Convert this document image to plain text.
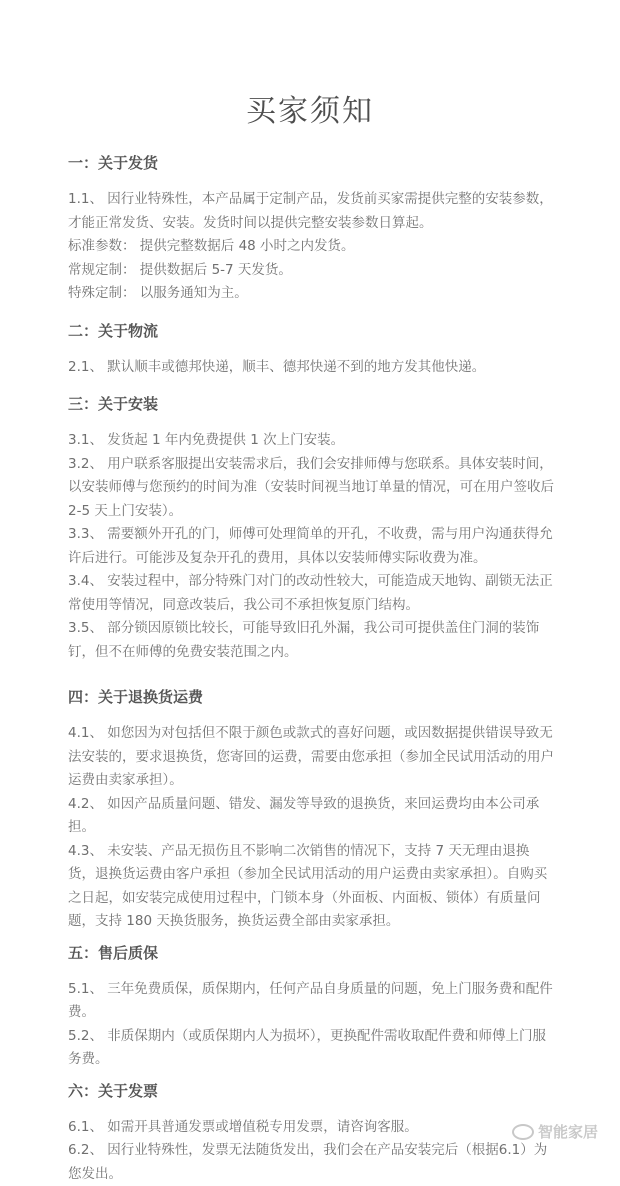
买家须知
一：关于发货

1.1、 因行业特殊性，本产品属于定制产品，发货前买家需提供完整的安装参数，才能正常发货、安装。发货时间以提供完整安装参数日算起。

标准参数： 提供完整数据后 48 小时之内发货。

常规定制： 提供数据后 5-7 天发货。

特殊定制： 以服务通知为主。

二：关于物流

2.1、 默认顺丰或德邦快递，顺丰、德邦快递不到的地方发其他快递。

三：关于安装

3.1、 发货起 1 年内免费提供 1 次上门安装。

3.2、 用户联系客服提出安装需求后，我们会安排师傅与您联系。具体安装时间，以安装师傅与您预约的时间为准（安装时间视当地订单量的情况，可在用户签收后 2-5 天上门安装）。

3.3、 需要额外开孔的门，师傅可处理简单的开孔，不收费，需与用户沟通获得允许后进行。可能涉及复杂开孔的费用，具体以安装师傅实际收费为准。

3.4、 安装过程中，部分特殊门对门的改动性较大，可能造成天地钩、副锁无法正常使用等情况，同意改装后，我公司不承担恢复原门结构。

3.5、 部分锁因原锁比较长，可能导致旧孔外漏，我公司可提供盖住门洞的装饰钉，但不在师傅的免费安装范围之内。

四：关于退换货运费

4.1、 如您因为对包括但不限于颜色或款式的喜好问题，或因数据提供错误导致无法安装的，要求退换货，您寄回的运费，需要由您承担（参加全民试用活动的用户运费由卖家承担）。

4.2、 如因产品质量问题、错发、漏发等导致的退换货，来回运费均由本公司承担。

4.3、 未安装、产品无损伤且不影响二次销售的情况下，支持 7 天无理由退换货，退换货运费由客户承担（参加全民试用活动的用户运费由卖家承担）。自购买之日起，如安装完成使用过程中，门锁本身（外面板、内面板、锁体）有质量问题，支持 180 天换货服务，换货运费全部由卖家承担。

五：售后质保

5.1、 三年免费质保，质保期内，任何产品自身质量的问题，免上门服务费和配件费。

5.2、 非质保期内（或质保期内人为损坏），更换配件需收取配件费和师傅上门服务费。

六：关于发票

6.1、 如需开具普通发票或增值税专用发票，请咨询客服。

6.2、 因行业特殊性，发票无法随货发出，我们会在产品安装完后（根据6.1）为您发出。

智能家居
